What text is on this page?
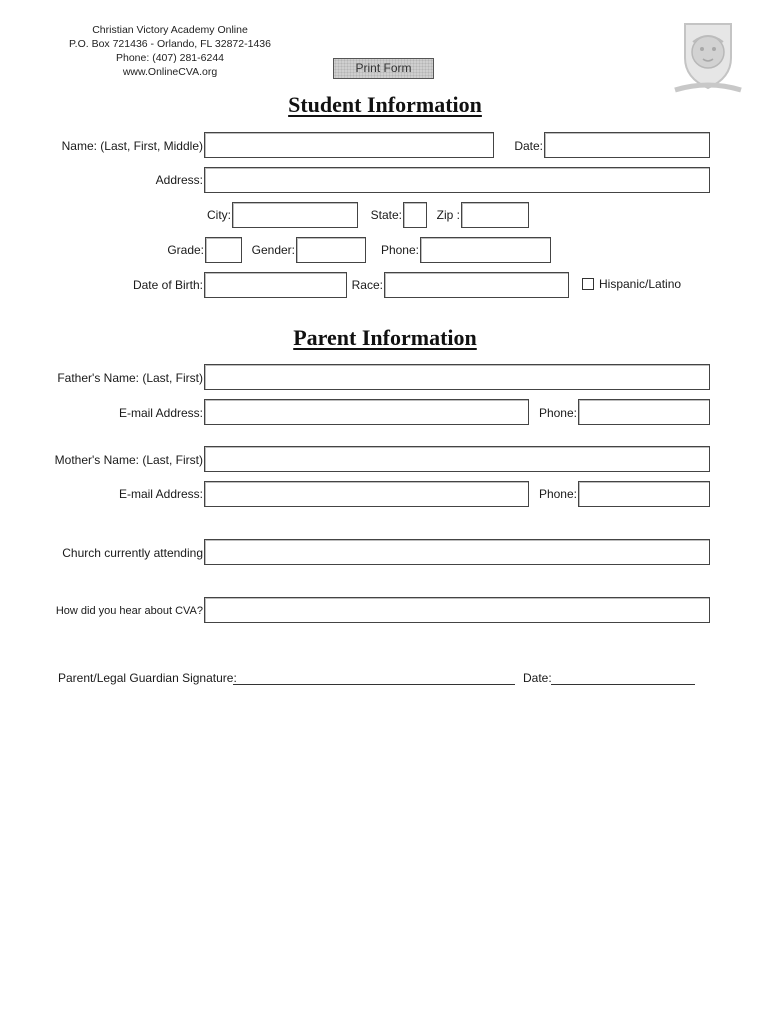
Christian Victory Academy Online
P.O. Box 721436 - Orlando, FL 32872-1436
Phone: (407) 281-6244
www.OnlineCVA.org	Print Form
Student Information
Name: (Last, First, Middle)	Date:
Address:
City:	State:	Zip :
Grade:	Gender:	Phone:
Date of Birth:	Race:	Hispanic/Latino
Parent Information
Father's Name: (Last, First)
E-mail Address:	Phone:
Mother's Name: (Last, First)
E-mail Address:	Phone:
Church currently attending
How did you hear about CVA?
Parent/Legal Guardian Signature:	Date:
